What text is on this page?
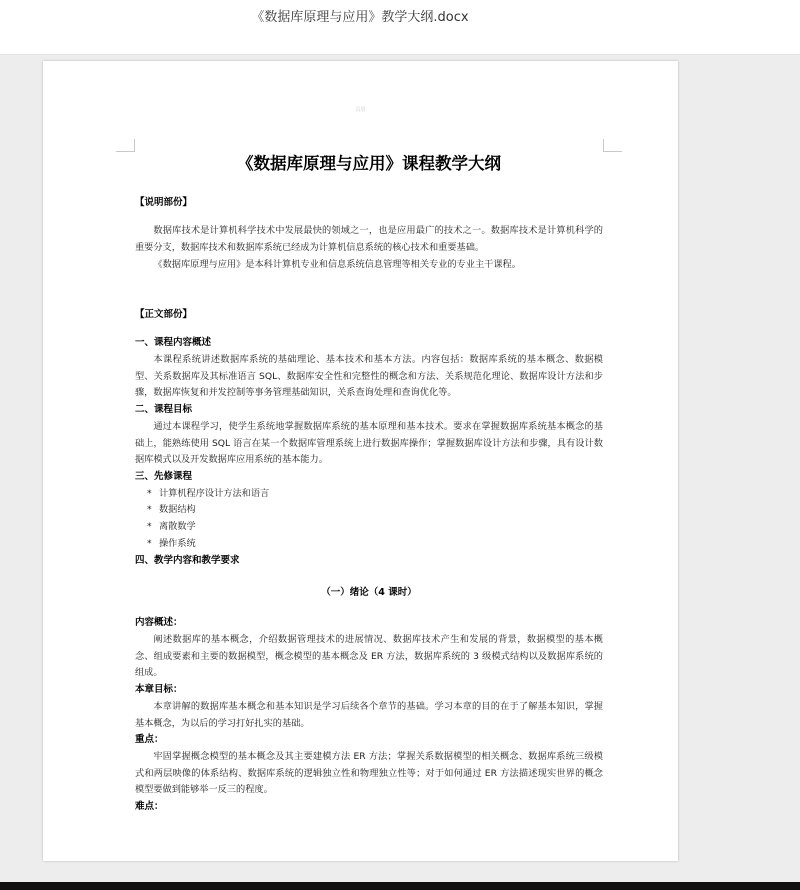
《数据库原理与应用》教学大纲.docx
页眉
《数据库原理与应用》课程教学大纲
【说明部份】

数据库技术是计算机科学技术中发展最快的领域之一，也是应用最广的技术之一。数据库技术是计算机科学的重要分支，数据库技术和数据库系统已经成为计算机信息系统的核心技术和重要基础。

《数据库原理与应用》是本科计算机专业和信息系统信息管理等相关专业的专业主干课程。

【正文部份】
一、课程内容概述

本课程系统讲述数据库系统的基础理论、基本技术和基本方法。内容包括：数据库系统的基本概念、数据模型、关系数据库及其标准语言 SQL、数据库安全性和完整性的概念和方法、关系规范化理论、数据库设计方法和步骤，数据库恢复和并发控制等事务管理基础知识，关系查询处理和查询优化等。

二、课程目标

通过本课程学习，使学生系统地掌握数据库系统的基本原理和基本技术。要求在掌握数据库系统基本概念的基础上，能熟练使用 SQL 语言在某一个数据库管理系统上进行数据库操作；掌握数据库设计方法和步骤，具有设计数据库模式以及开发数据库应用系统的基本能力。

三、先修课程
* 计算机程序设计方法和语言
* 数据结构
* 离散数学
* 操作系统
四、教学内容和教学要求
（一）绪论（4 课时）
内容概述：

阐述数据库的基本概念，介绍数据管理技术的进展情况、数据库技术产生和发展的背景，数据模型的基本概念、组成要素和主要的数据模型，概念模型的基本概念及 ER 方法，数据库系统的 3 级模式结构以及数据库系统的组成。

本章目标：

本章讲解的数据库基本概念和基本知识是学习后续各个章节的基础。学习本章的目的在于了解基本知识，掌握基本概念，为以后的学习打好扎实的基础。

重点：

牢固掌握概念模型的基本概念及其主要建模方法 ER 方法；掌握关系数据模型的相关概念、数据库系统三级模式和两层映像的体系结构、数据库系统的逻辑独立性和物理独立性等；对于如何通过 ER 方法描述现实世界的概念模型要做到能够举一反三的程度。

难点：
